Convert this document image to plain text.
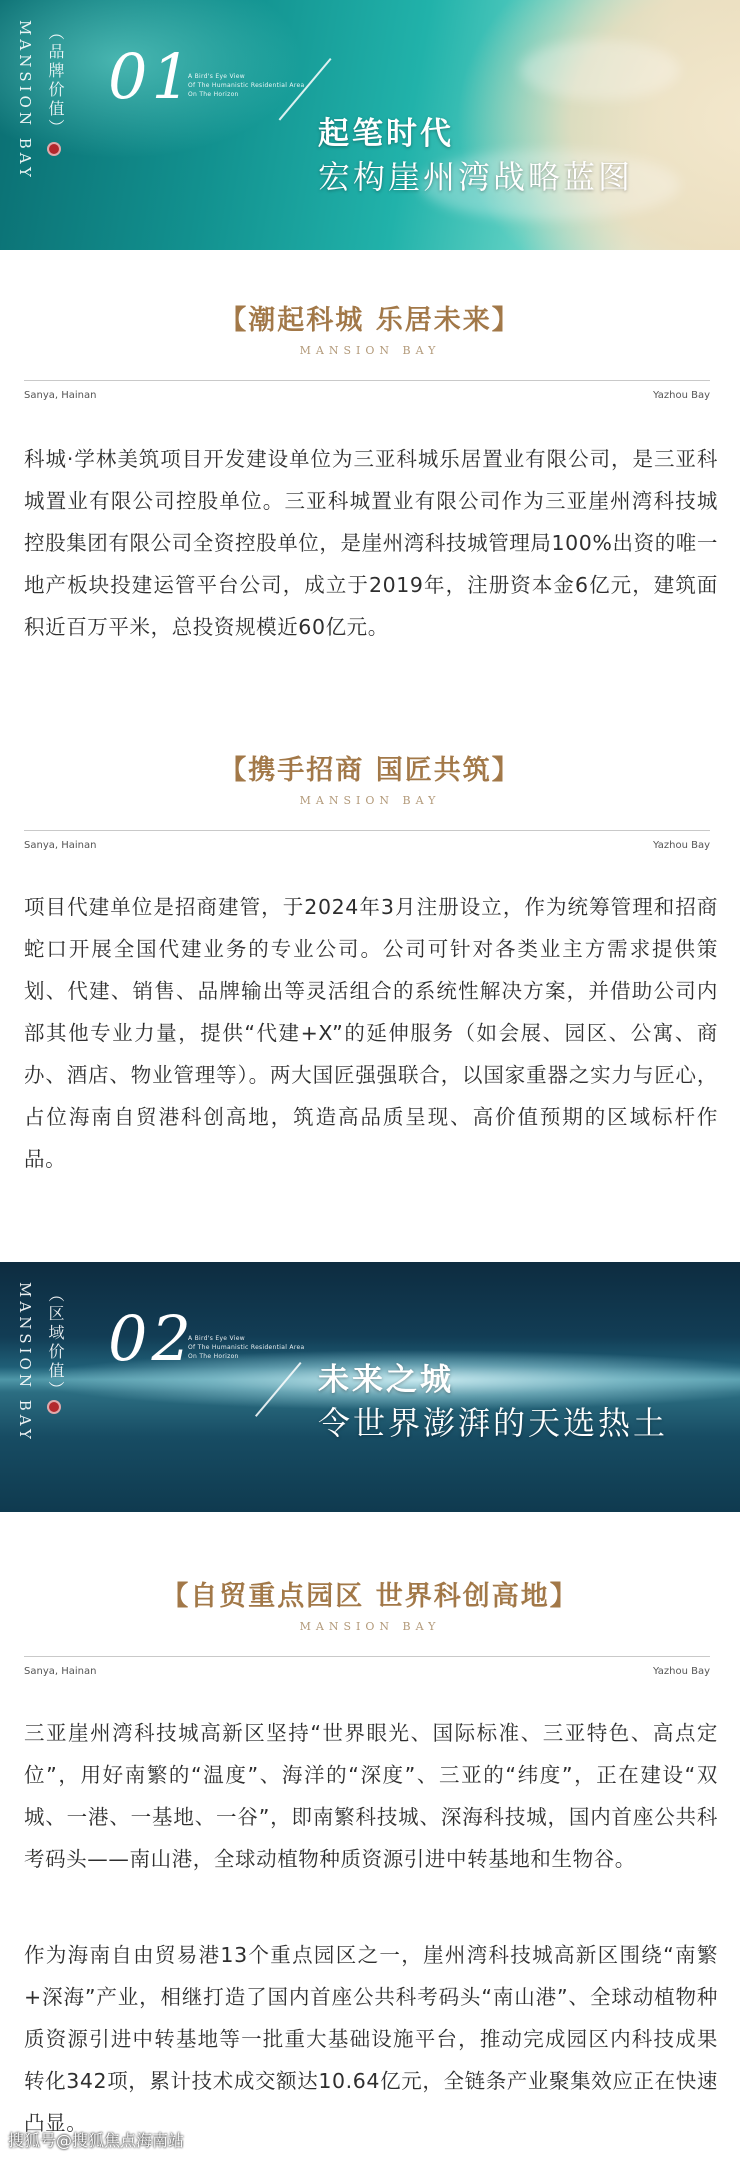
MANSION BAY （品牌价值） 01
A Bird's Eye View
Of The Humanistic Residential Area
On The Horizon
起笔时代
宏构崖州湾战略蓝图
【潮起科城 乐居未来】
MANSION BAY
Sanya, Hainan	Yazhou Bay
科城·学林美筑项目开发建设单位为三亚科城乐居置业有限公司，是三亚科城置业有限公司控股单位。三亚科城置业有限公司作为三亚崖州湾科技城控股集团有限公司全资控股单位，是崖州湾科技城管理局100%出资的唯一地产板块投建运管平台公司，成立于2019年，注册资本金6亿元，建筑面积近百万平米，总投资规模近60亿元。
【携手招商 国匠共筑】
MANSION BAY
Sanya, Hainan	Yazhou Bay
项目代建单位是招商建管，于2024年3月注册设立，作为统筹管理和招商蛇口开展全国代建业务的专业公司。公司可针对各类业主方需求提供策划、代建、销售、品牌输出等灵活组合的系统性解决方案，并借助公司内部其他专业力量，提供“代建+X”的延伸服务（如会展、园区、公寓、商办、酒店、物业管理等）。两大国匠强强联合，以国家重器之实力与匠心，占位海南自贸港科创高地，筑造高品质呈现、高价值预期的区域标杆作品。
MANSION BAY （区域价值） 02
A Bird's Eye View
Of The Humanistic Residential Area
On The Horizon
未来之城
令世界澎湃的天选热土
【自贸重点园区 世界科创高地】
MANSION BAY
Sanya, Hainan	Yazhou Bay
三亚崖州湾科技城高新区坚持“世界眼光、国际标准、三亚特色、高点定位”，用好南繁的“温度”、海洋的“深度”、三亚的“纬度”，正在建设“双城、一港、一基地、一谷”，即南繁科技城、深海科技城，国内首座公共科考码头——南山港，全球动植物种质资源引进中转基地和生物谷。
作为海南自由贸易港13个重点园区之一，崖州湾科技城高新区围绕“南繁+深海”产业，相继打造了国内首座公共科考码头“南山港”、全球动植物种质资源引进中转基地等一批重大基础设施平台，推动完成园区内科技成果转化342项，累计技术成交额达10.64亿元，全链条产业聚集效应正在快速凸显。
搜狐号@搜狐焦点海南站
